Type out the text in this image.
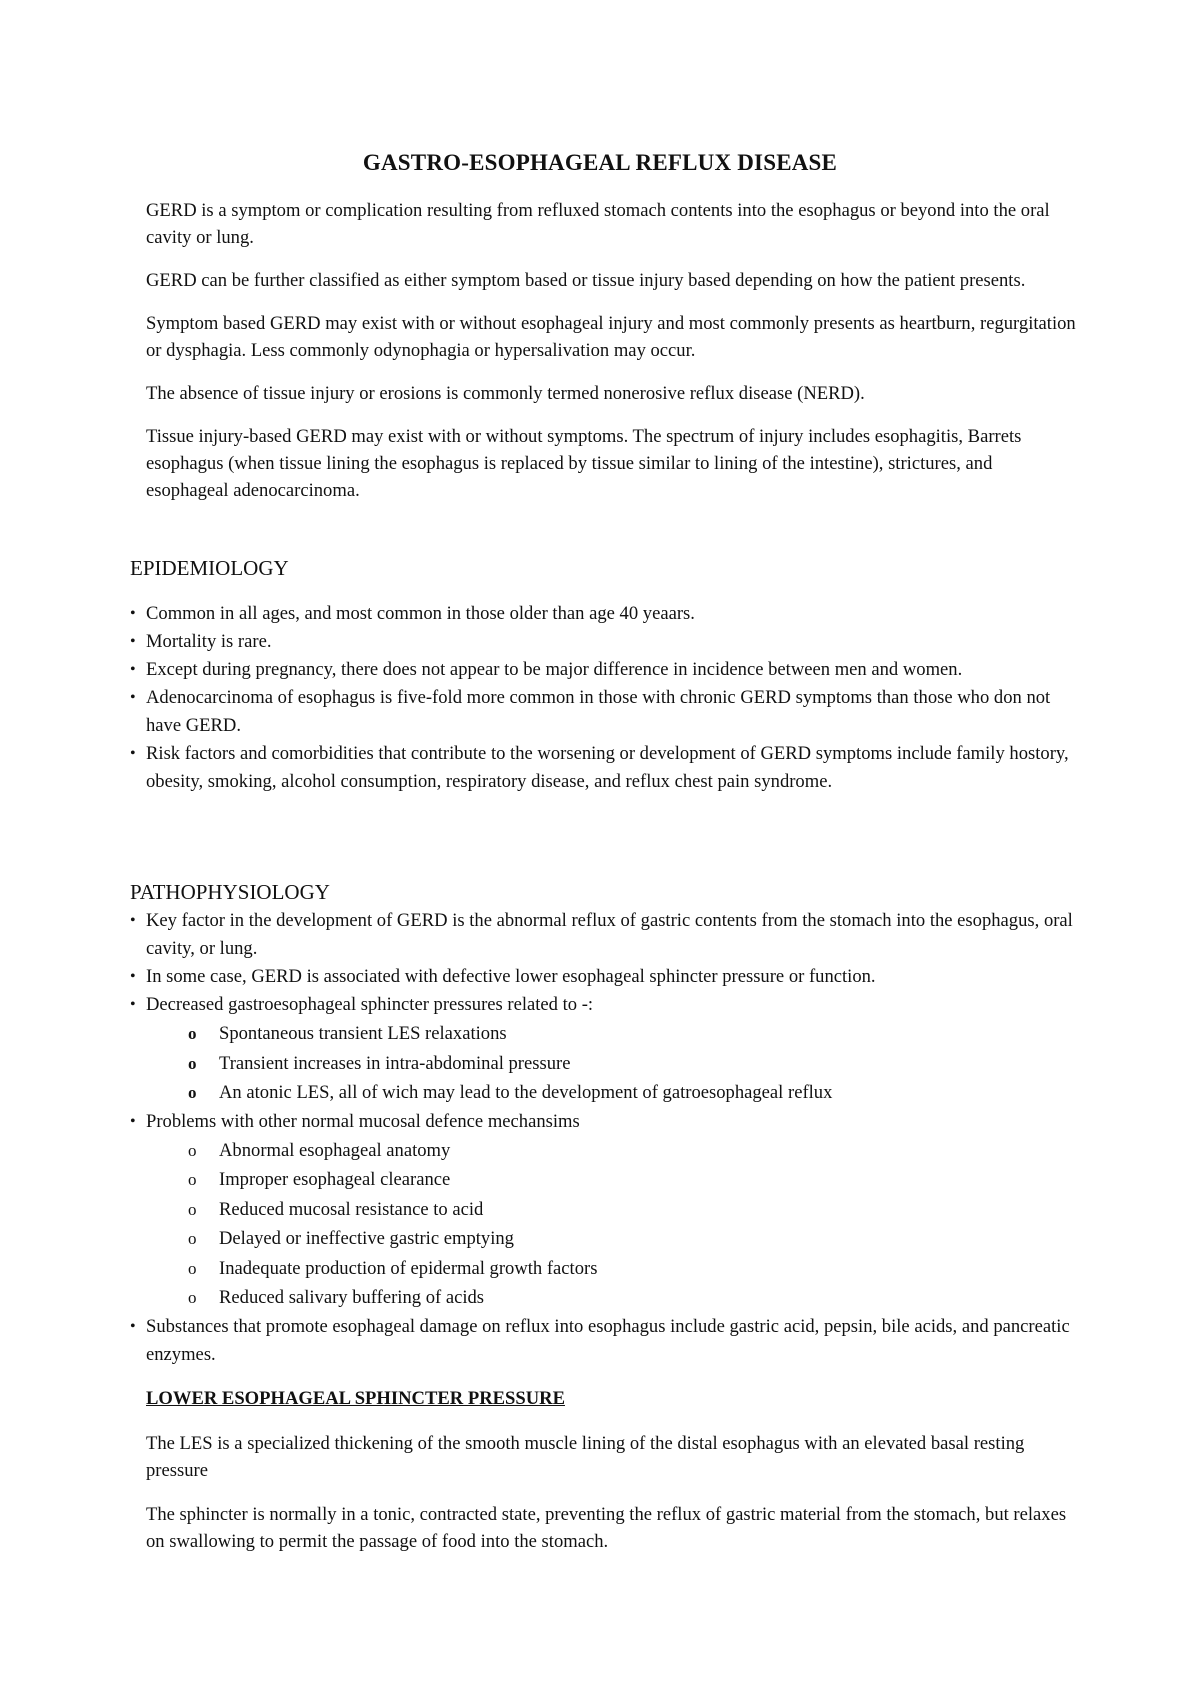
GASTRO-ESOPHAGEAL REFLUX DISEASE

GERD is a symptom or complication resulting from refluxed stomach contents into the esophagus or beyond into the oral cavity or lung.

GERD can be further classified as either symptom based or tissue injury based depending on how the patient presents.

Symptom based GERD may exist with or without esophageal injury and most commonly presents as heartburn, regurgitation or dysphagia. Less commonly odynophagia or hypersalivation may occur.

The absence of tissue injury or erosions is commonly termed nonerosive reflux disease (NERD).

Tissue injury-based GERD may exist with or without symptoms. The spectrum of injury includes esophagitis, Barrets esophagus (when tissue lining the esophagus is replaced by tissue similar to lining of the intestine), strictures, and esophageal adenocarcinoma.

EPIDEMIOLOGY
• Common in all ages, and most common in those older than age 40 yeaars.
• Mortality is rare.
• Except during pregnancy, there does not appear to be major difference in incidence between men and women.
• Adenocarcinoma of esophagus is five-fold more common in those with chronic GERD symptoms than those who don not have GERD.
• Risk factors and comorbidities that contribute to the worsening or development of GERD symptoms include family hostory, obesity, smoking, alcohol consumption, respiratory disease, and reflux chest pain syndrome.
PATHOPHYSIOLOGY
• Key factor in the development of GERD is the abnormal reflux of gastric contents from the stomach into the esophagus, oral cavity, or lung.
• In some case, GERD is associated with defective lower esophageal sphincter pressure or function.
• Decreased gastroesophageal sphincter pressures related to -:
o Spontaneous transient LES relaxations
o Transient increases in intra-abdominal pressure
o An atonic LES, all of wich may lead to the development of gatroesophageal reflux
• Problems with other normal mucosal defence mechansims
o Abnormal esophageal anatomy
o Improper esophageal clearance
o Reduced mucosal resistance to acid
o Delayed or ineffective gastric emptying
o Inadequate production of epidermal growth factors
o Reduced salivary buffering of acids
• Substances that promote esophageal damage on reflux into esophagus include gastric acid, pepsin, bile acids, and pancreatic enzymes.
LOWER ESOPHAGEAL SPHINCTER PRESSURE

The LES is a specialized thickening of the smooth muscle lining of the distal esophagus with an elevated basal resting pressure

The sphincter is normally in a tonic, contracted state, preventing the reflux of gastric material from the stomach, but relaxes on swallowing to permit the passage of food into the stomach.
